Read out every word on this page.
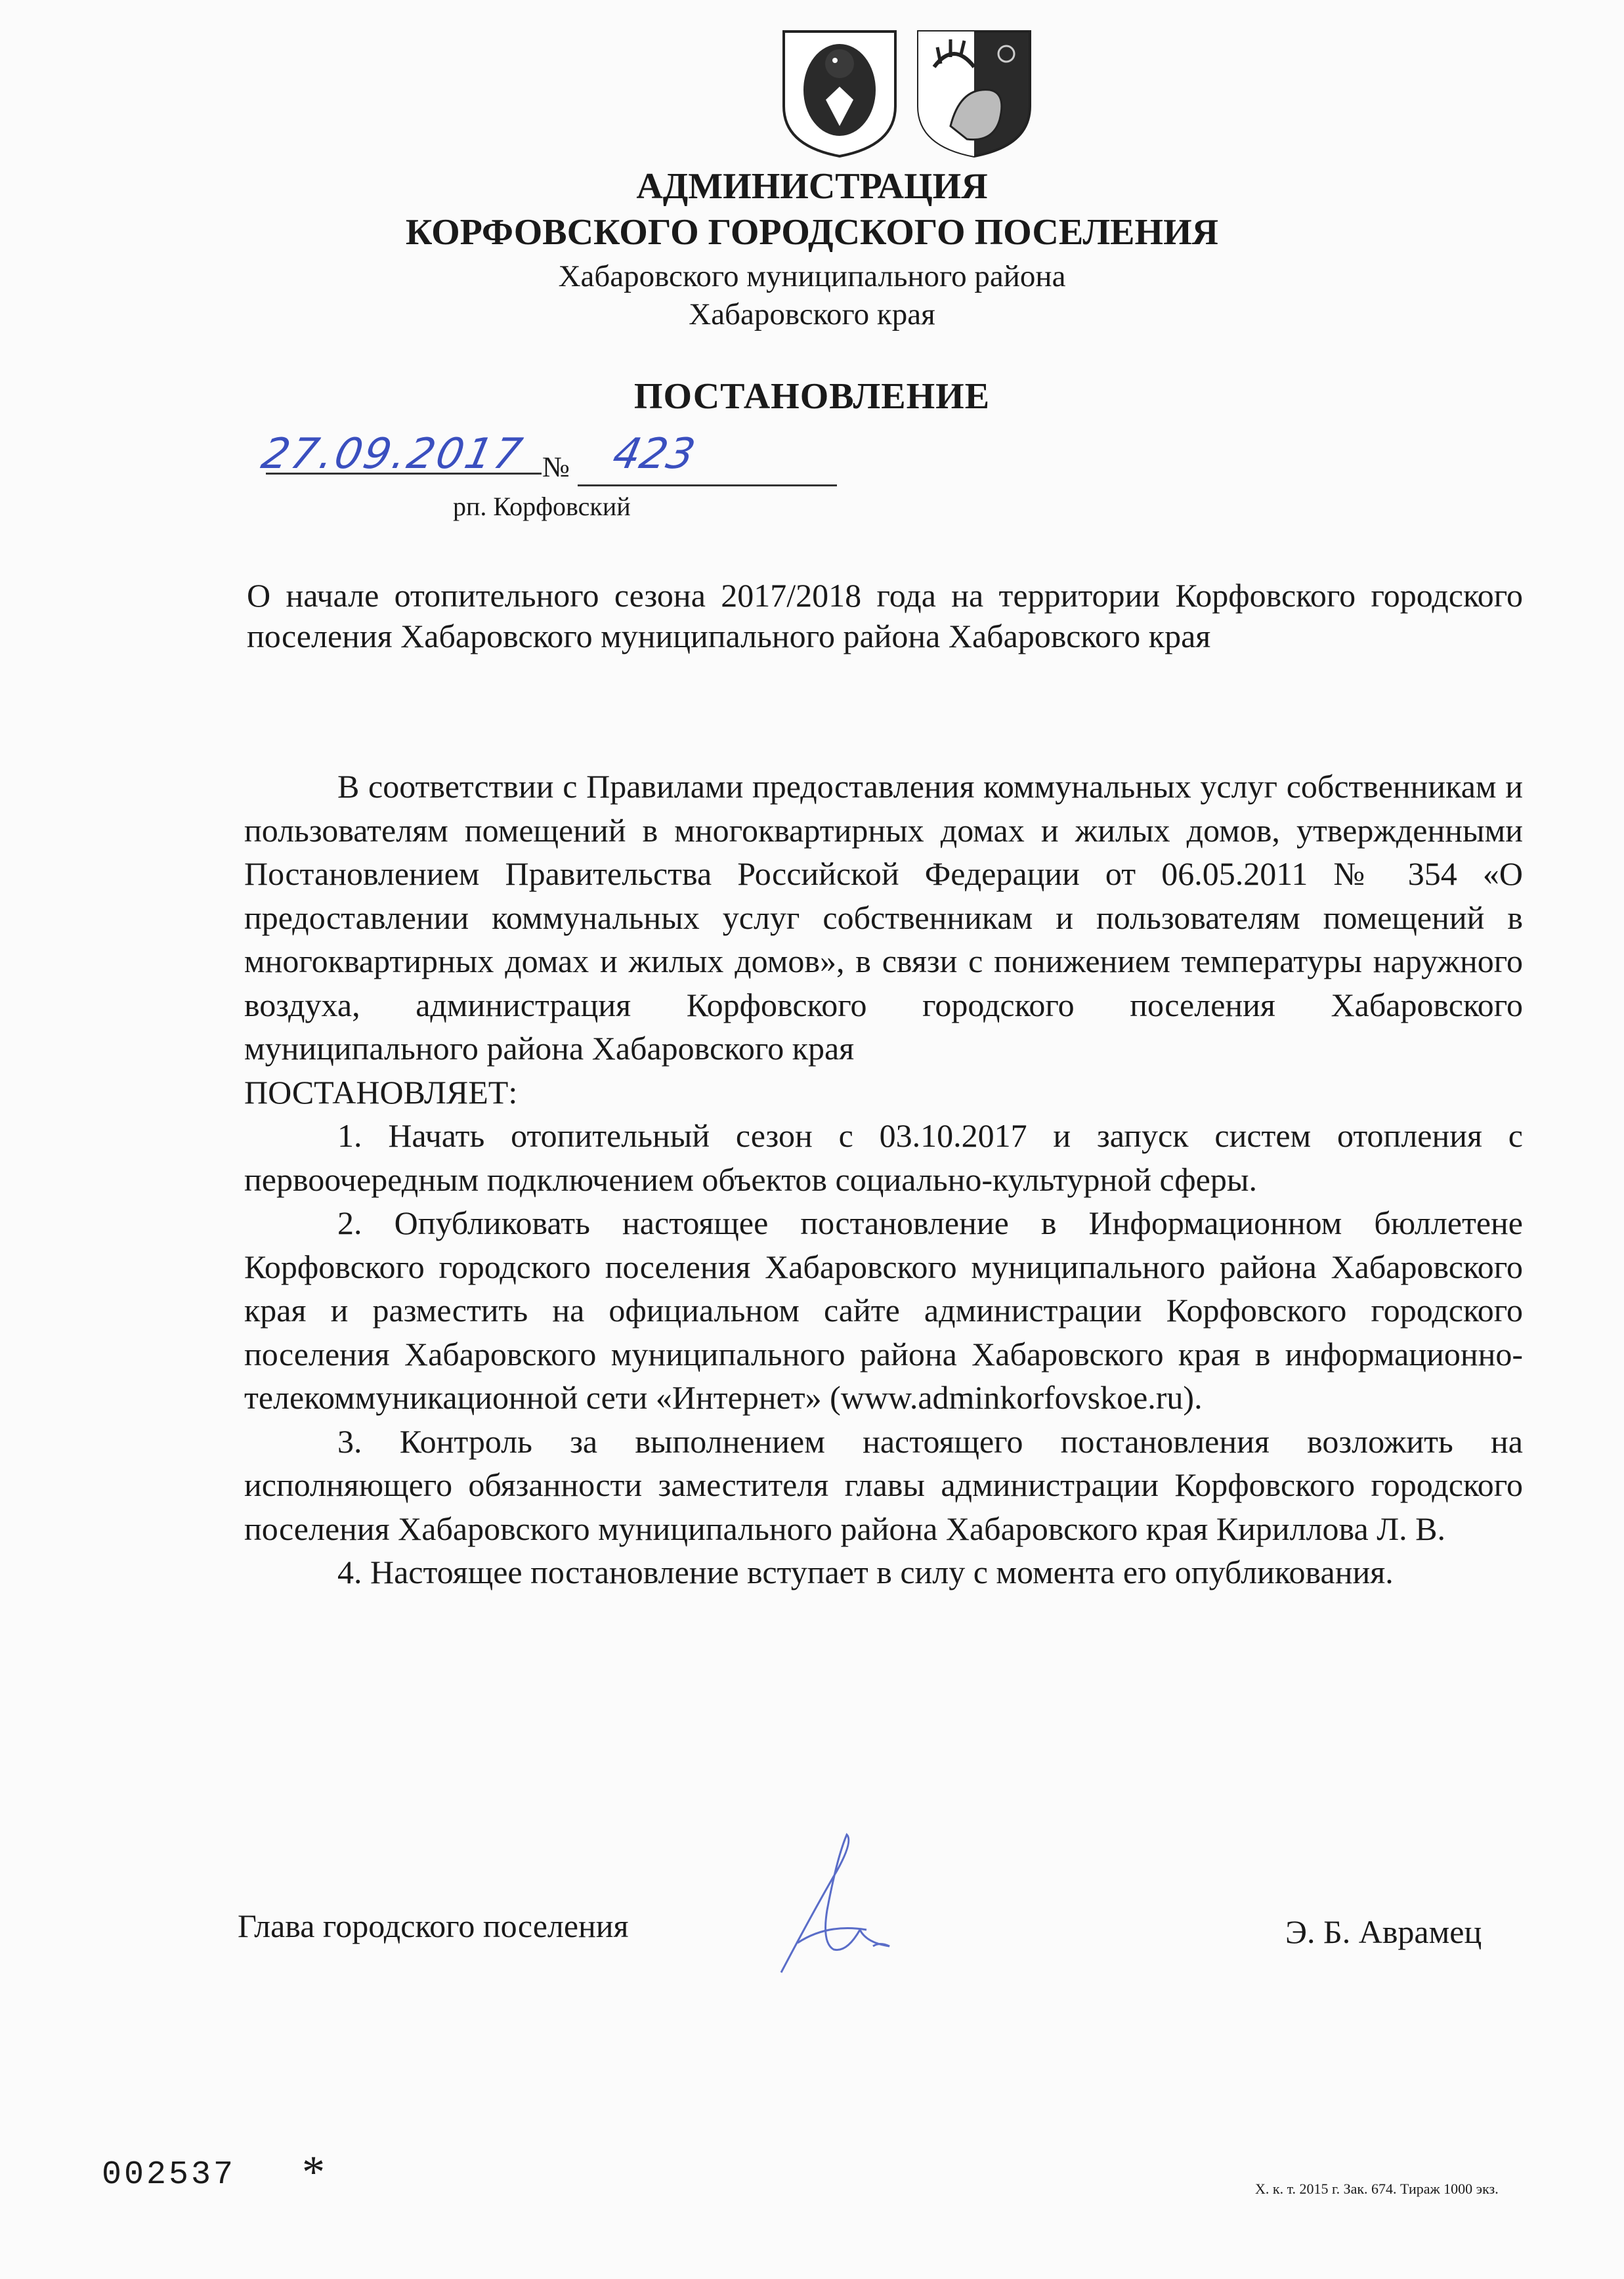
АДМИНИСТРАЦИЯ
КОРФОВСКОГО ГОРОДСКОГО ПОСЕЛЕНИЯ
Хабаровского муниципального района
Хабаровского края
ПОСТАНОВЛЕНИЕ
27.09.2017 № 423
рп. Корфовский
О начале отопительного сезона 2017/2018 года на территории Корфовского городского поселения Хабаровского муниципального района Хабаровского края

В соответствии с Правилами предоставления коммунальных услуг собственникам и пользователям помещений в многоквартирных домах и жилых домов, утвержденными Постановлением Правительства Российской Федерации от 06.05.2011 № 354 «О предоставлении коммунальных услуг собственникам и пользователям помещений в многоквартирных домах и жилых домов», в связи с понижением температуры наружного воздуха, администрация Корфовского городского поселения Хабаровского муниципального района Хабаровского края

ПОСТАНОВЛЯЕТ:

1. Начать отопительный сезон с 03.10.2017 и запуск систем отопления с первоочередным подключением объектов социально-культурной сферы.

2. Опубликовать настоящее постановление в Информационном бюллетене Корфовского городского поселения Хабаровского муниципального района Хабаровского края и разместить на официальном сайте администрации Корфовского городского поселения Хабаровского муниципального района Хабаровского края в информационно-телекоммуникационной сети «Интернет» (www.adminkorfovskoe.ru).

3. Контроль за выполнением настоящего постановления возложить на исполняющего обязанности заместителя главы администрации Корфовского городского поселения Хабаровского муниципального района Хабаровского края Кириллова Л. В.

4. Настоящее постановление вступает в силу с момента его опубликования.

Глава городского поселения	Э. Б. Аврамец
002537 *	Х. к. т. 2015 г. Зак. 674. Тираж 1000 экз.
